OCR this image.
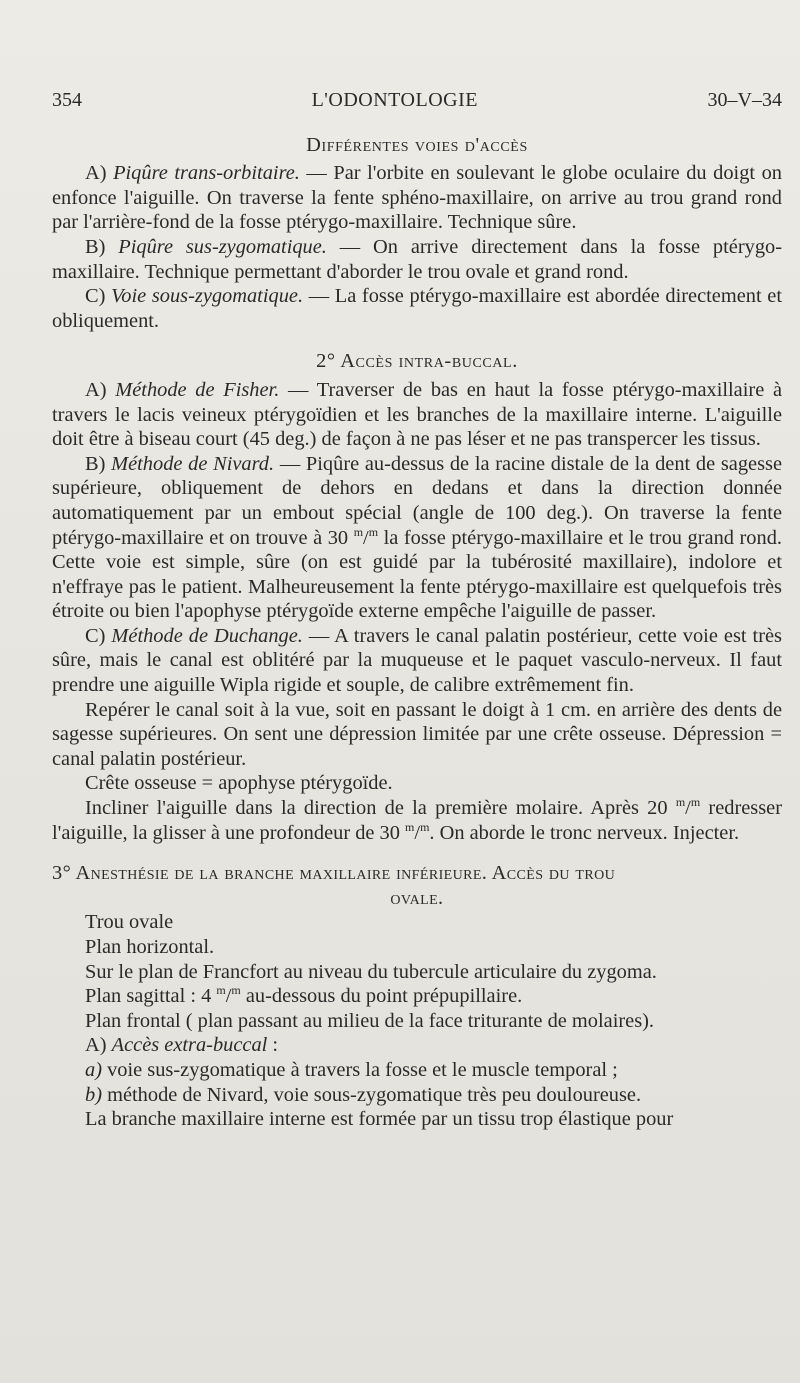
354	L'ODONTOLOGIE	30–V–34
Différentes voies d'accès

A) Piqûre trans-orbitaire. — Par l'orbite en soulevant le globe oculaire du doigt on enfonce l'aiguille. On traverse la fente sphéno-maxillaire, on arrive au trou grand rond par l'arrière-fond de la fosse ptérygo-maxillaire. Technique sûre.

B) Piqûre sus-zygomatique. — On arrive directement dans la fosse ptérygo-maxillaire. Technique permettant d'aborder le trou ovale et grand rond.

C) Voie sous-zygomatique. — La fosse ptérygo-maxillaire est abordée directement et obliquement.

2° Accès intra-buccal.

A) Méthode de Fisher. — Traverser de bas en haut la fosse ptérygo-maxillaire à travers le lacis veineux ptérygoïdien et les branches de la maxillaire interne. L'aiguille doit être à biseau court (45 deg.) de façon à ne pas léser et ne pas transpercer les tissus.

B) Méthode de Nivard. — Piqûre au-dessus de la racine distale de la dent de sagesse supérieure, obliquement de dehors en dedans et dans la direction donnée automatiquement par un embout spécial (angle de 100 deg.). On traverse la fente ptérygo-maxillaire et on trouve à 30 $^m$/$^m$ la fosse ptérygo-maxillaire et le trou grand rond. Cette voie est simple, sûre (on est guidé par la tubérosité maxillaire), indolore et n'effraye pas le patient. Malheureusement la fente ptérygo-maxillaire est quelquefois très étroite ou bien l'apophyse ptérygoïde externe empêche l'aiguille de passer.

C) Méthode de Duchange. — A travers le canal palatin postérieur, cette voie est très sûre, mais le canal est oblitéré par la muqueuse et le paquet vasculo-nerveux. Il faut prendre une aiguille Wipla rigide et souple, de calibre extrêmement fin.

Repérer le canal soit à la vue, soit en passant le doigt à 1 cm. en arrière des dents de sagesse supérieures. On sent une dépression limitée par une crête osseuse. Dépression = canal palatin postérieur.

Crête osseuse = apophyse ptérygoïde.

Incliner l'aiguille dans la direction de la première molaire. Après 20 $^m$/$^m$ redresser l'aiguille, la glisser à une profondeur de 30 $^m$/$^m$. On aborde le tronc nerveux. Injecter.

3° Anesthésie de la branche maxillaire inférieure. Accès du trou
ovale.

Trou ovale

Plan horizontal.

Sur le plan de Francfort au niveau du tubercule articulaire du zygoma.

Plan sagittal : 4 $^m$/$^m$ au-dessous du point prépupillaire.

Plan frontal ( plan passant au milieu de la face triturante de molaires).

A) Accès extra-buccal :

a) voie sus-zygomatique à travers la fosse et le muscle temporal ;

b) méthode de Nivard, voie sous-zygomatique très peu douloureuse.

La branche maxillaire interne est formée par un tissu trop élastique pour
